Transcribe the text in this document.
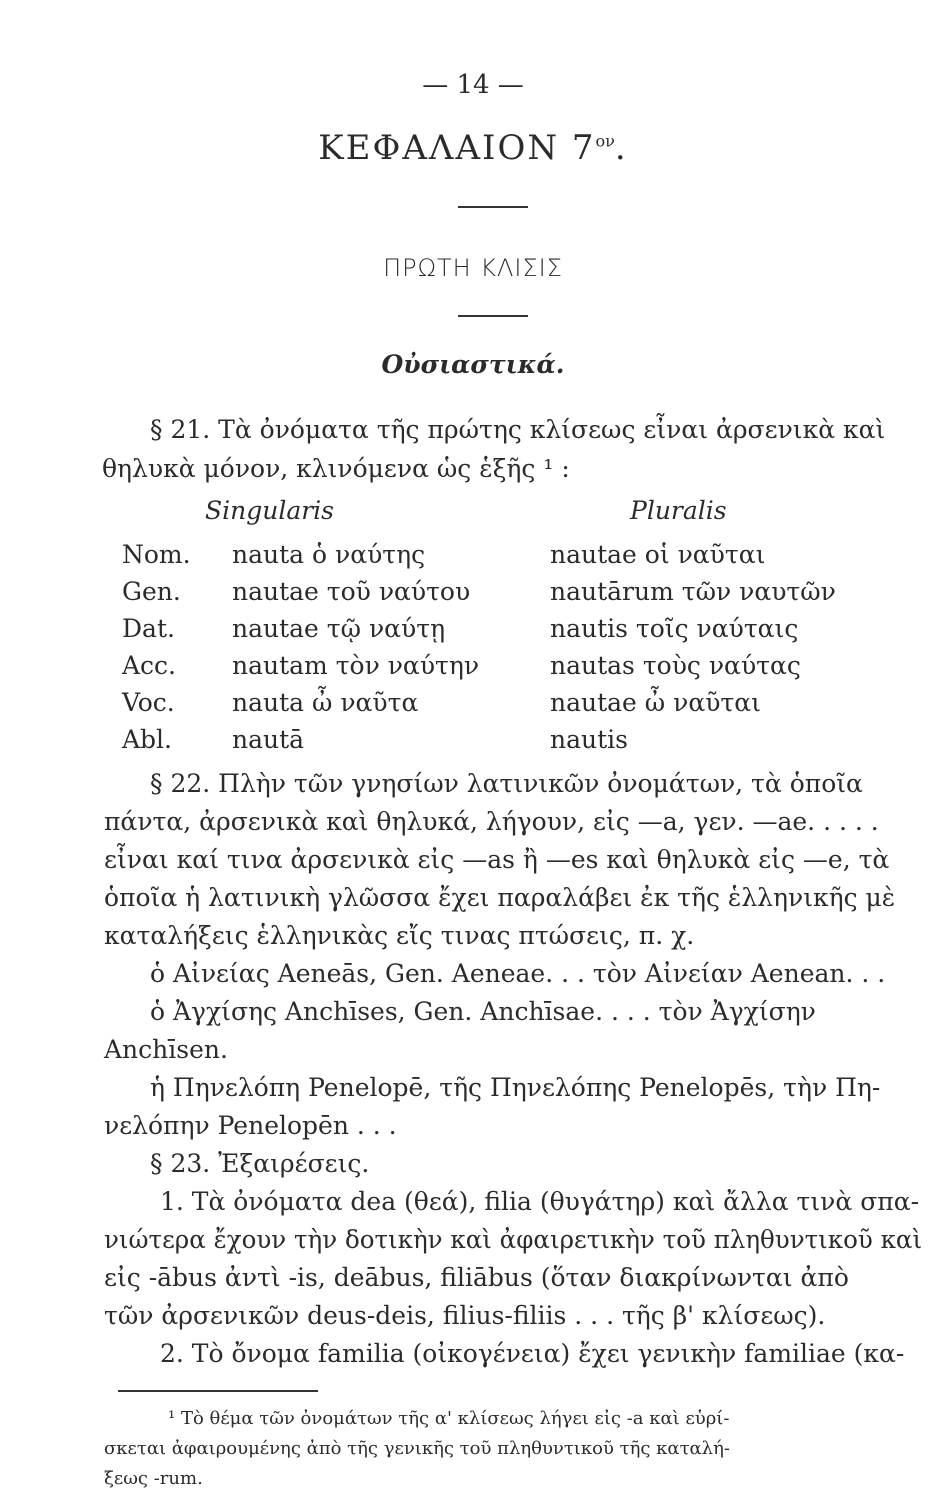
— 14 —
ΚΕΦΑΛΑΙΟΝ $7^{o\nu}$.
ΠΡΩΤΗ ΚΛΙΣΙΣ
Οὐσιαστικά.
§ 21. Τὰ ὀνόματα τῆς πρώτης κλίσεως εἶναι ἀρσενικὰ καὶ
θηλυκὰ μόνον, κλινόμενα ὡς ἑξῆς ¹ :
Singularis	Pluralis
Nom. nauta ὁ ναύτης	nautae οἱ ναῦται
Gen. nautae τοῦ ναύτου	nautārum τῶν ναυτῶν
Dat. nautae τῷ ναύτῃ	nautis τοῖς ναύταις
Acc. nautam τὸν ναύτην	nautas τοὺς ναύτας
Voc. nauta ὦ ναῦτα	nautae ὦ ναῦται
Abl. nautā	nautis
§ 22. Πλὴν τῶν γνησίων λατινικῶν ὀνομάτων, τὰ ὁποῖα
πάντα, ἀρσενικὰ καὶ θηλυκά, λήγουν, εἰς —a, γεν. —ae. . . . .
εἶναι καί τινα ἀρσενικὰ εἰς —as ἢ —es καὶ θηλυκὰ εἰς —e, τὰ
ὁποῖα ἡ λατινικὴ γλῶσσα ἔχει παραλάβει ἐκ τῆς ἑλληνικῆς μὲ
καταλήξεις ἑλληνικὰς εἴς τινας πτώσεις, π. χ.
ὁ Αἰνείας Aeneās, Gen. Aeneae. . . τὸν Αἰνείαν Aenean. . .
ὁ Ἀγχίσης Anchīses, Gen. Anchīsae. . . . τὸν Ἀγχίσην
Anchīsen.
ἡ Πηνελόπη Penelopē, τῆς Πηνελόπης Penelopēs, τὴν Πη-
νελόπην Penelopēn . . .
§ 23. Ἐξαιρέσεις.
1. Τὰ ὀνόματα dea (θεά), filia (θυγάτηρ) καὶ ἄλλα τινὰ σπα-
νιώτερα ἔχουν τὴν δοτικὴν καὶ ἀφαιρετικὴν τοῦ πληθυντικοῦ καὶ
εἰς -ābus ἀντὶ -is, deābus, filiābus (ὅταν διακρίνωνται ἀπὸ
τῶν ἀρσενικῶν deus-deis, filius-filiis . . . τῆς β' κλίσεως).
2. Τὸ ὄνομα familia (οἰκογένεια) ἔχει γενικὴν familiae (κα-
¹ Τὸ θέμα τῶν ὀνομάτων τῆς α' κλίσεως λήγει εἰς -a καὶ εὑρί-
σκεται ἀφαιρουμένης ἀπὸ τῆς γενικῆς τοῦ πληθυντικοῦ τῆς καταλή-
ξεως -rum.
